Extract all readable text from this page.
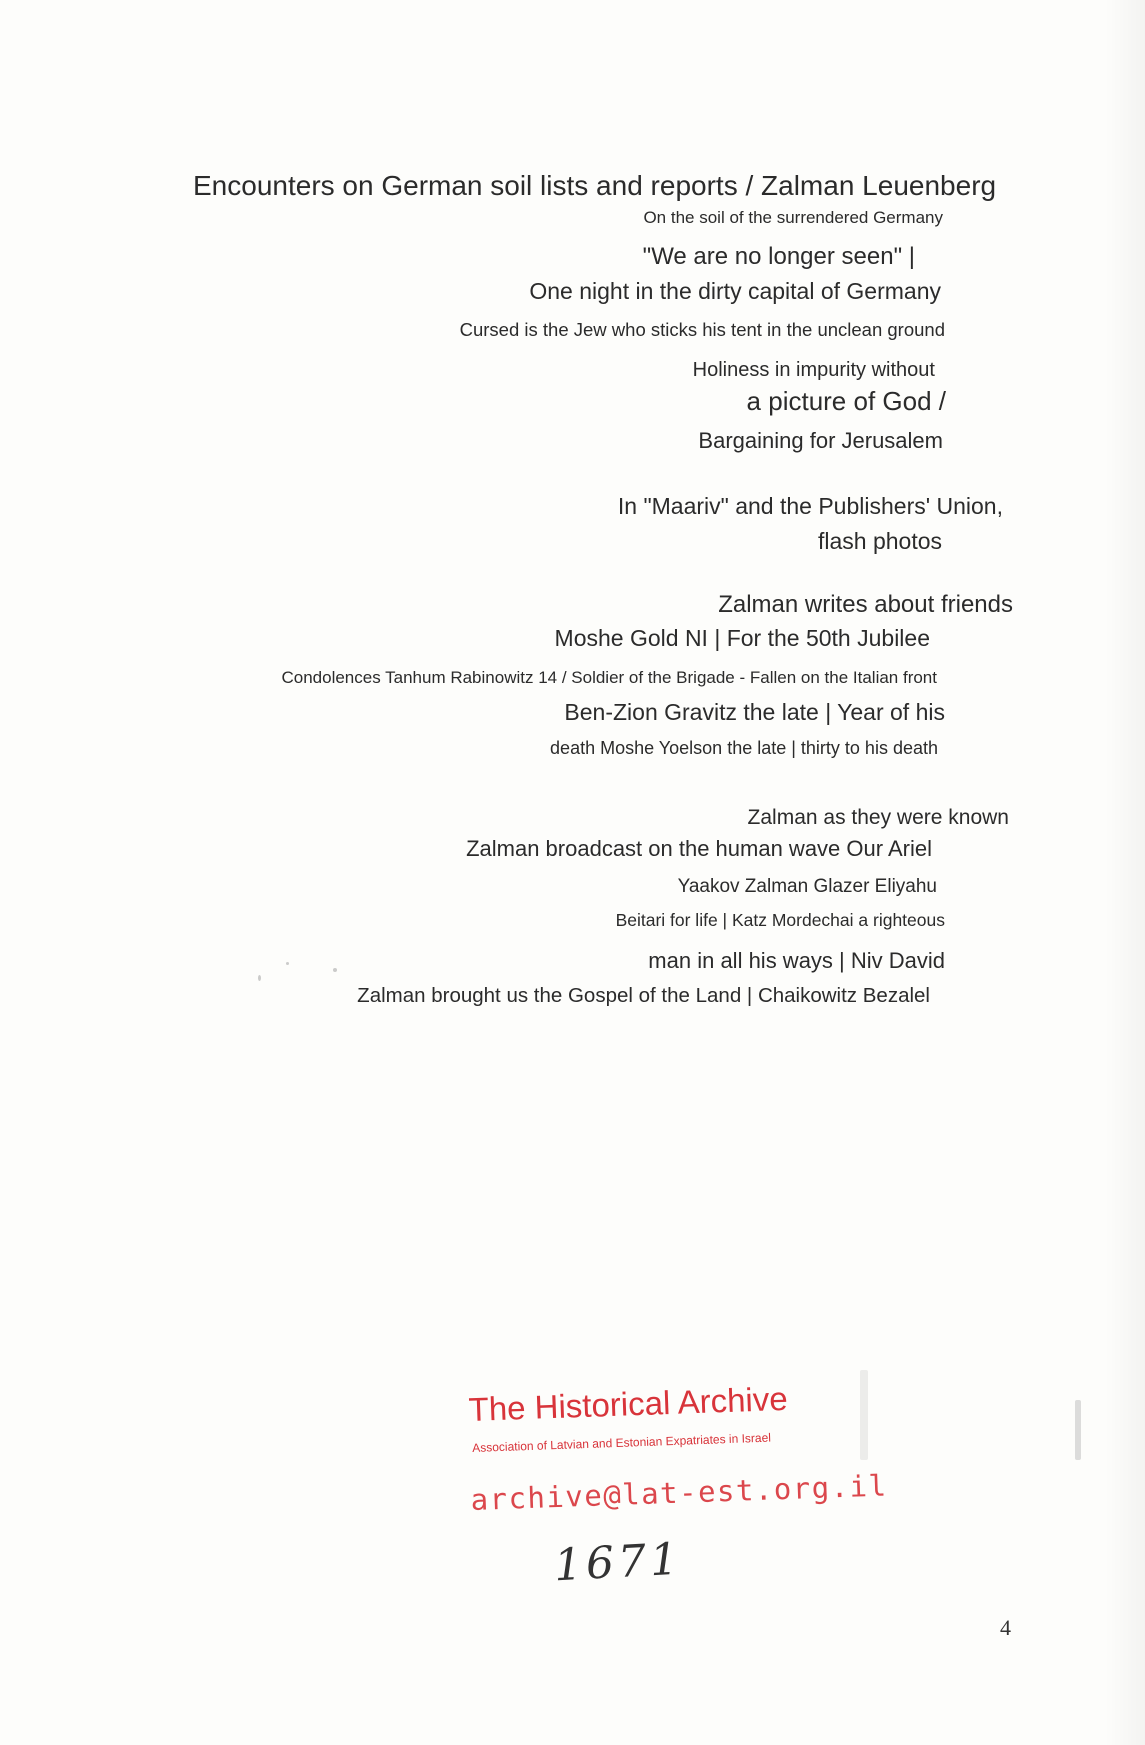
Encounters on German soil lists and reports / Zalman Leuenberg
On the soil of the surrendered Germany
"We are no longer seen" |
One night in the dirty capital of Germany
Cursed is the Jew who sticks his tent in the unclean ground
Holiness in impurity without
a picture of God /
Bargaining for Jerusalem
In "Maariv" and the Publishers' Union,
flash photos
Zalman writes about friends
Moshe Gold NI | For the 50th Jubilee
Condolences Tanhum Rabinowitz 14 / Soldier of the Brigade - Fallen on the Italian front
Ben-Zion Gravitz the late | Year of his
death Moshe Yoelson the late | thirty to his death
Zalman as they were known
Zalman broadcast on the human wave Our Ariel
Yaakov Zalman Glazer Eliyahu
Beitari for life | Katz Mordechai a righteous
man in all his ways | Niv David
Zalman brought us the Gospel of the Land | Chaikowitz Bezalel
The Historical Archive
Association of Latvian and Estonian Expatriates in Israel
archive@lat-est.org.il
1671
4
